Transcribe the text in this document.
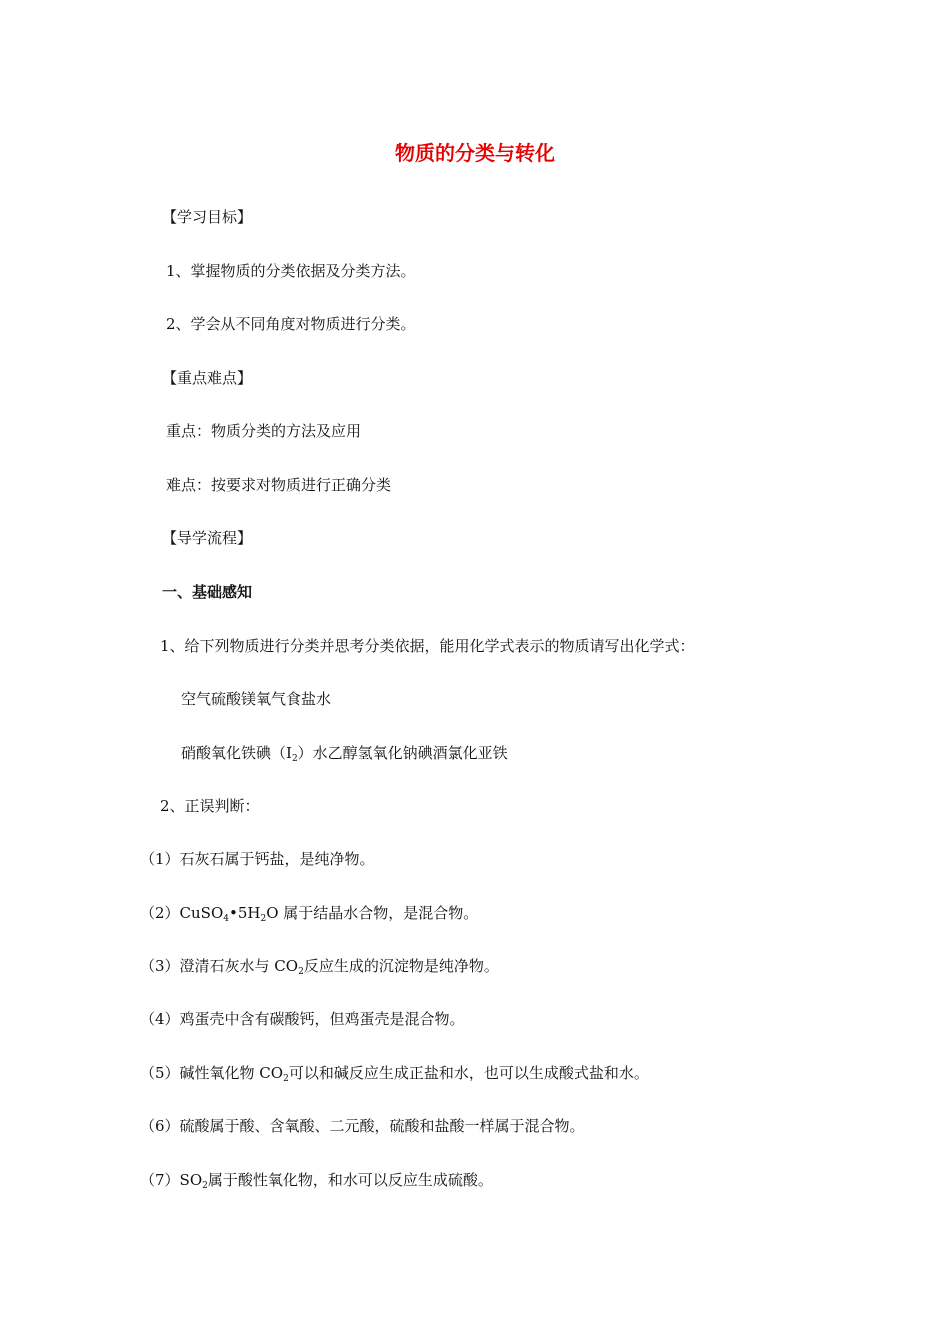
物质的分类与转化
【学习目标】
1、掌握物质的分类依据及分类方法。
2、学会从不同角度对物质进行分类。
【重点难点】
重点：物质分类的方法及应用
难点：按要求对物质进行正确分类
【导学流程】
一、基础感知
1、给下列物质进行分类并思考分类依据，能用化学式表示的物质请写出化学式：
空气硫酸镁氧气食盐水
硝酸氧化铁碘$(I_2)$水乙醇氢氧化钠碘酒氯化亚铁
2、正误判断：
（1）石灰石属于钙盐，是纯净物。
$(2)CuSO_4•5H_2O$ 属于结晶水合物，是混合物。
（3）澄清石灰水与 $CO_2$反应生成的沉淀物是纯净物。
（4）鸡蛋壳中含有碳酸钙，但鸡蛋壳是混合物。
（5）碱性氧化物 $CO_2$可以和碱反应生成正盐和水，也可以生成酸式盐和水。
（6）硫酸属于酸、含氧酸、二元酸，硫酸和盐酸一样属于混合物。
$(7)SO_2$属于酸性氧化物，和水可以反应生成硫酸。
